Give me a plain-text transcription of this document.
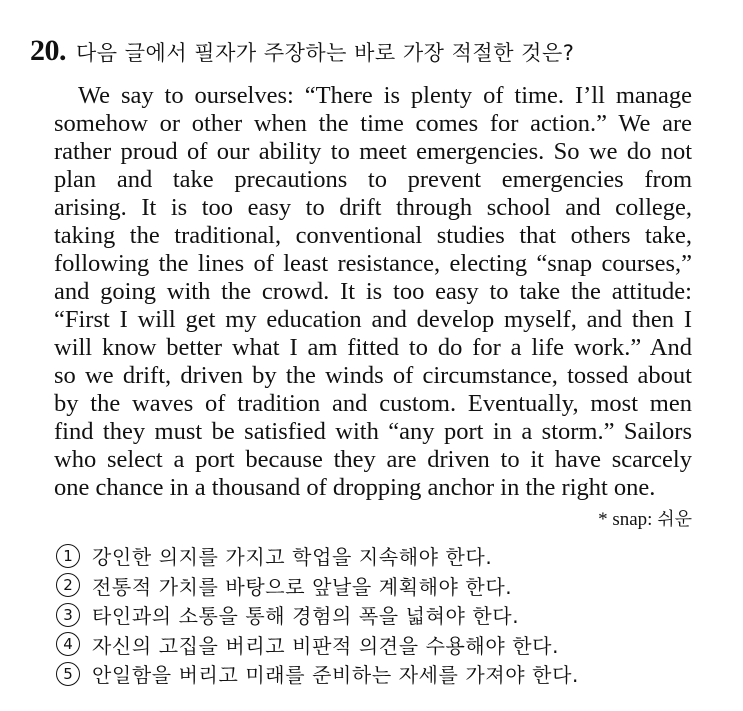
20. 다음 글에서 필자가 주장하는 바로 가장 적절한 것은?
We say to ourselves: “There is plenty of time. I’ll manage
somehow or other when the time comes for action.” We are
rather proud of our ability to meet emergencies. So we do not
plan and take precautions to prevent emergencies from
arising. It is too easy to drift through school and college,
taking the traditional, conventional studies that others take,
following the lines of least resistance, electing “snap courses,”
and going with the crowd. It is too easy to take the attitude:
“First I will get my education and develop myself, and then I
will know better what I am fitted to do for a life work.” And
so we drift, driven by the winds of circumstance, tossed about
by the waves of tradition and custom. Eventually, most men
find they must be satisfied with “any port in a storm.” Sailors
who select a port because they are driven to it have scarcely
one chance in a thousand of dropping anchor in the right one.
* snap: 쉬운
1 강인한 의지를 가지고 학업을 지속해야 한다.
2 전통적 가치를 바탕으로 앞날을 계획해야 한다.
3 타인과의 소통을 통해 경험의 폭을 넓혀야 한다.
4 자신의 고집을 버리고 비판적 의견을 수용해야 한다.
5 안일함을 버리고 미래를 준비하는 자세를 가져야 한다.
